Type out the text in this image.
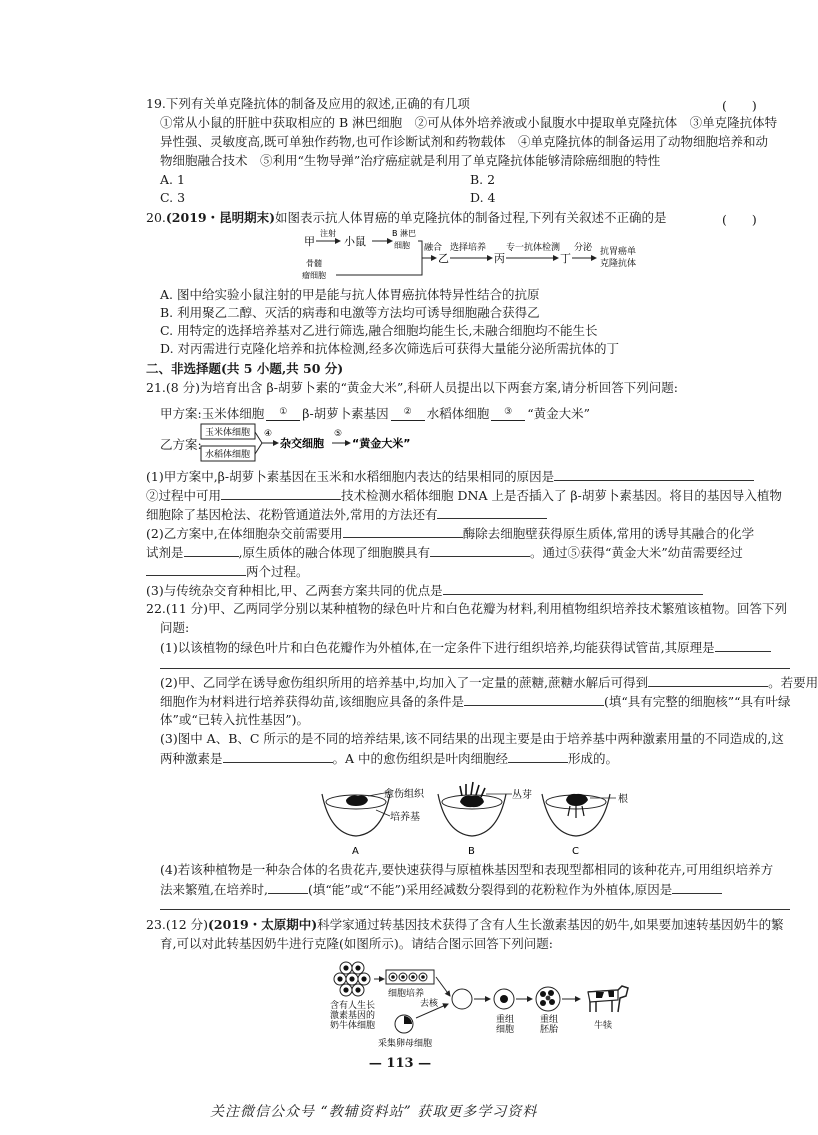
19.下列有关单克隆抗体的制备及应用的叙述,正确的有几项	(　　)
①常从小鼠的肝脏中获取相应的 B 淋巴细胞　②可从体外培养液或小鼠腹水中提取单克隆抗体　③单克隆抗体特
异性强、灵敏度高,既可单独作药物,也可作诊断试剂和药物载体　④单克隆抗体的制备运用了动物细胞培养和动
物细胞融合技术　⑤利用“生物导弹”治疗癌症就是利用了单克隆抗体能够清除癌细胞的特性
A. 1	B. 2
C. 3	D. 4
20.(2019・昆明期末)如图表示抗人体胃癌的单克隆抗体的制备过程,下列有关叙述不正确的是	(　　)
甲
注射
小鼠
B 淋巴
细胞
骨髓
瘤细胞
融合
乙
选择培养
丙
专一抗体检测
丁
分泌 抗胃癌单
克隆抗体
A. 图中给实验小鼠注射的甲是能与抗人体胃癌抗体特异性结合的抗原
B. 利用聚乙二醇、灭活的病毒和电激等方法均可诱导细胞融合获得乙
C. 用特定的选择培养基对乙进行筛选,融合细胞均能生长,未融合细胞均不能生长
D. 对丙需进行克隆化培养和抗体检测,经多次筛选后可获得大量能分泌所需抗体的丁
二、非选择题(共 5 小题,共 50 分)
21.(8 分)为培育出含 β-胡萝卜素的“黄金大米”,科研人员提出以下两套方案,请分析回答下列问题:
甲方案:玉米体细胞 ① β-胡萝卜素基因 ② 水稻体细胞 ③ “黄金大米”
乙方案:
玉米体细胞
水稻体细胞
④
杂交细胞
⑤
“黄金大米”
(1)甲方案中,β-胡萝卜素基因在玉米和水稻细胞内表达的结果相同的原因是
②过程中可用	技术检测水稻体细胞 DNA 上是否插入了 β-胡萝卜素基因。将目的基因导入植物
细胞除了基因枪法、花粉管通道法外,常用的方法还有
(2)乙方案中,在体细胞杂交前需要用	酶除去细胞壁获得原生质体,常用的诱导其融合的化学
试剂是	,原生质体的融合体现了细胞膜具有	。通过⑤获得“黄金大米”幼苗需要经过
两个过程。
(3)与传统杂交育种相比,甲、乙两套方案共同的优点是
22.(11 分)甲、乙两同学分别以某种植物的绿色叶片和白色花瓣为材料,利用植物组织培养技术繁殖该植物。回答下列
问题:
(1)以该植物的绿色叶片和白色花瓣作为外植体,在一定条件下进行组织培养,均能获得试管苗,其原理是
(2)甲、乙同学在诱导愈伤组织所用的培养基中,均加入了一定量的蔗糖,蔗糖水解后可得到	。若要用
细胞作为材料进行培养获得幼苗,该细胞应具备的条件是	(填“具有完整的细胞核”“具有叶绿
体”或“已转入抗性基因”)。
(3)图中 A、B、C 所示的是不同的培养结果,该不同结果的出现主要是由于培养基中两种激素用量的不同造成的,这
两种激素是	。A 中的愈伤组织是叶肉细胞经	形成的。
愈伤组织
培养基
A
丛芽
B
根
C
(4)若该种植物是一种杂合体的名贵花卉,要快速获得与原植株基因型和表现型都相同的该种花卉,可用组织培养方
法来繁殖,在培养时,	(填“能”或“不能”)采用经减数分裂得到的花粉粒作为外植体,原因是
23.(12 分)(2019・太原期中)科学家通过转基因技术获得了含有人生长激素基因的奶牛,如果要加速转基因奶牛的繁
育,可以对此转基因奶牛进行克隆(如图所示)。请结合图示回答下列问题:
含有人生长
激素基因的
奶牛体细胞
细胞培养
采集卵母细胞
去核
重组
细胞
重组
胚胎	牛犊
— 113 —
关注微信公众号 “教辅资料站” 获取更多学习资料
